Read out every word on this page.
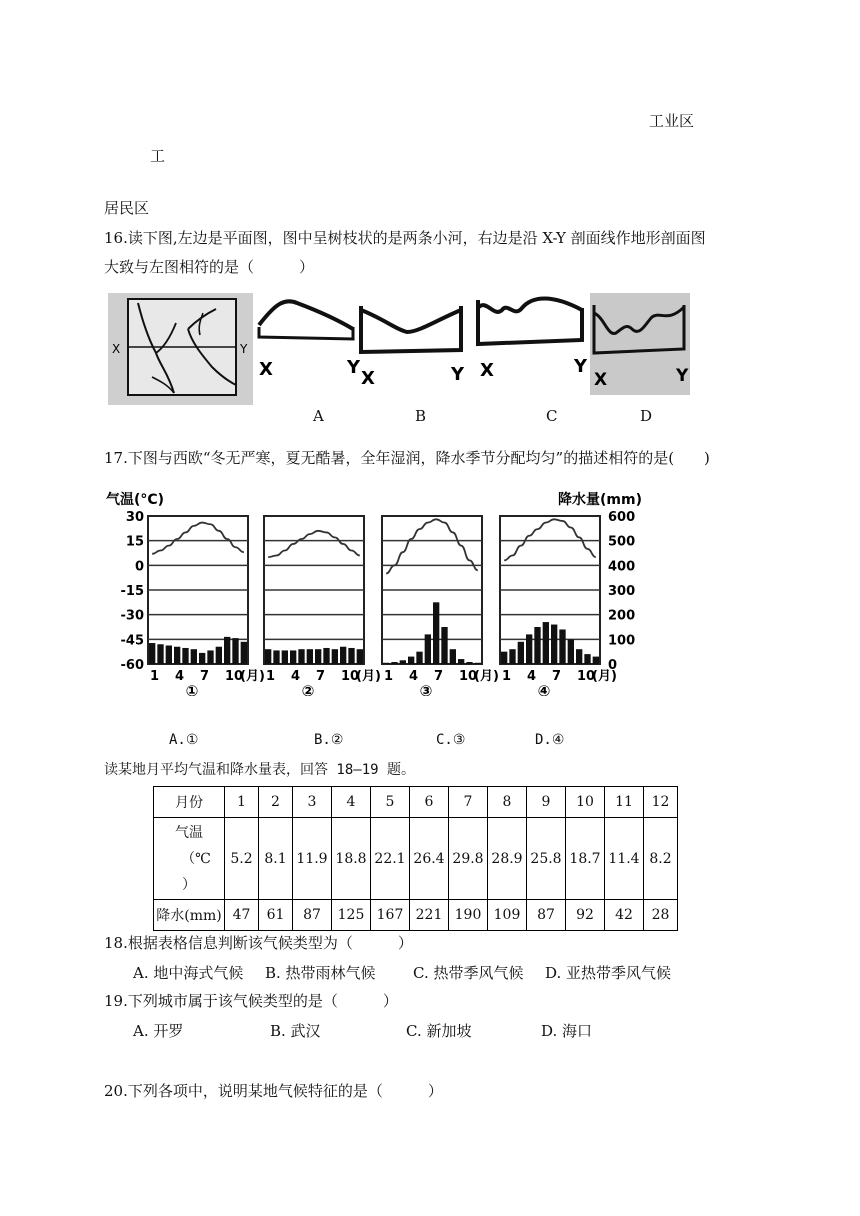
工业区
工
居民区
16.读下图,左边是平面图，图中呈树枝状的是两条小河，右边是沿 X-Y 剖面线作地形剖面图
大致与左图相符的是（　　　）
X	Y
X	Y
X	Y X	Y
X	Y
A	B	C	D
17.下图与西欧“冬无严寒，夏无酷暑，全年湿润，降水季节分配均匀”的描述相符的是(　　)
气温(°C)	降水量(mm)
30
15
0
-15
-30
-45
-60
600
500
400
300
200
100
0
1 4 7 10
(月)
①
1 4 7 10
(月)
②
1 4 7 10
(月)
③
1 4 7 10
(月)
④
A.①	B.②	C.③	D.④
读某地月平均气温和降水量表，回答 18–19 题。
月份	1	2	3	4	5	6	7	8	9	10	11	12

气温
（℃
）	5.2	8.1	11.9	18.8	22.1	26.4	29.8	28.9	25.8	18.7	11.4	8.2
降水(mm)	47	61	87	125	167	221	190	109	87	92	42	28
18.根据表格信息判断该气候类型为（　　　）
A. 地中海式气候 B. 热带雨林气候 C. 热带季风气候 D. 亚热带季风气候
19.下列城市属于该气候类型的是（　　　）
A. 开罗	B. 武汉	C. 新加坡	D. 海口
20.下列各项中，说明某地气候特征的是（　　　）
